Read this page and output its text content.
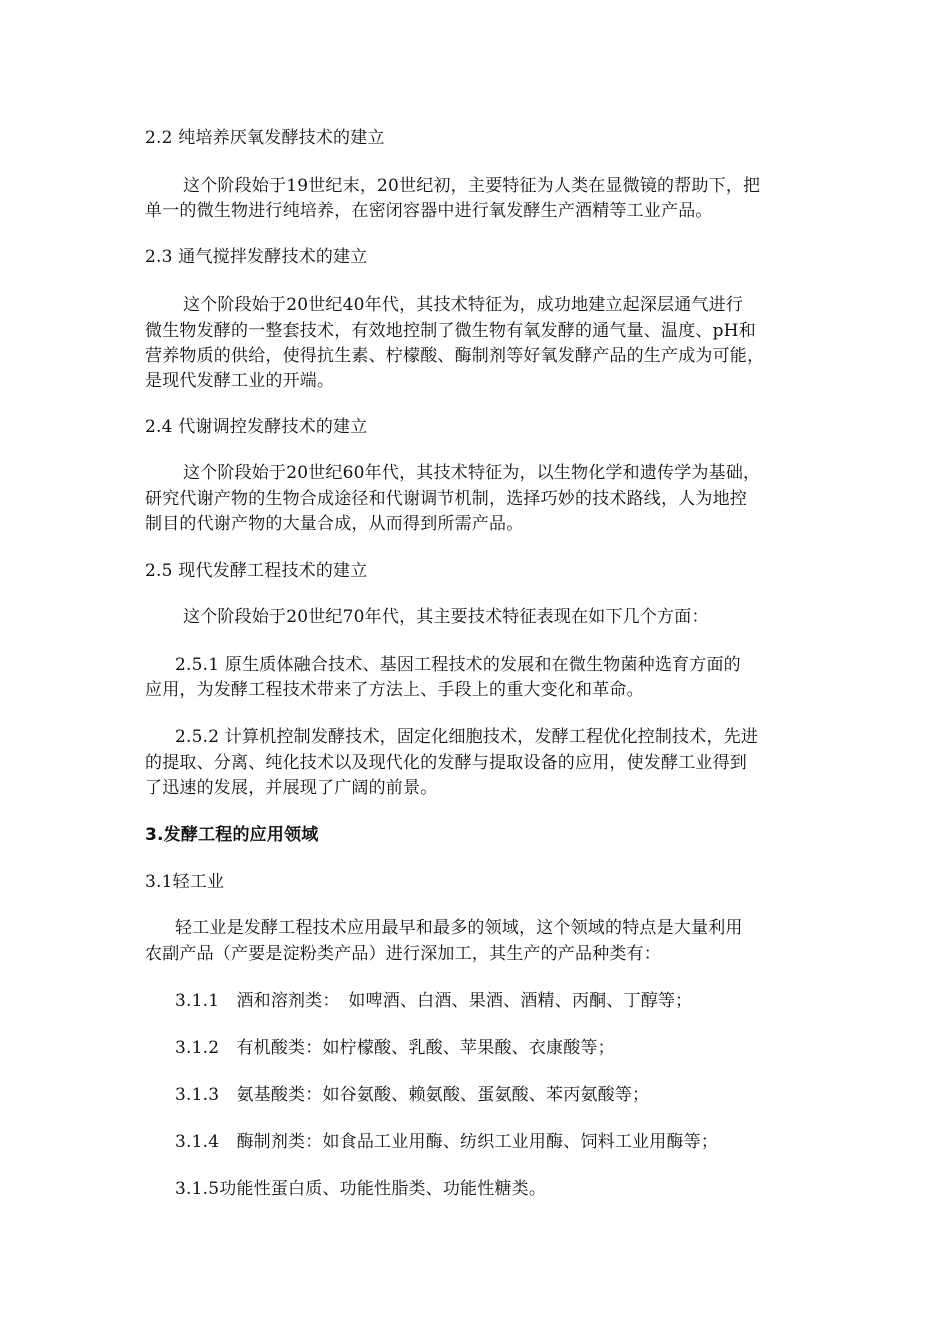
2.2 纯培养厌氧发酵技术的建立
这个阶段始于19世纪末，20世纪初，主要特征为人类在显微镜的帮助下，把
单一的微生物进行纯培养，在密闭容器中进行氧发酵生产酒精等工业产品。
2.3 通气搅拌发酵技术的建立
这个阶段始于20世纪40年代，其技术特征为，成功地建立起深层通气进行
微生物发酵的一整套技术，有效地控制了微生物有氧发酵的通气量、温度、pH和
营养物质的供给，使得抗生素、柠檬酸、酶制剂等好氧发酵产品的生产成为可能，
是现代发酵工业的开端。
2.4 代谢调控发酵技术的建立
这个阶段始于20世纪60年代，其技术特征为，以生物化学和遗传学为基础，
研究代谢产物的生物合成途径和代谢调节机制，选择巧妙的技术路线，人为地控
制目的代谢产物的大量合成，从而得到所需产品。
2.5 现代发酵工程技术的建立
这个阶段始于20世纪70年代，其主要技术特征表现在如下几个方面：
2.5.1 原生质体融合技术、基因工程技术的发展和在微生物菌种选育方面的
应用，为发酵工程技术带来了方法上、手段上的重大变化和革命。
2.5.2 计算机控制发酵技术，固定化细胞技术，发酵工程优化控制技术，先进
的提取、分离、纯化技术以及现代化的发酵与提取设备的应用，使发酵工业得到
了迅速的发展，并展现了广阔的前景。
3.发酵工程的应用领域
3.1轻工业
轻工业是发酵工程技术应用最早和最多的领域，这个领域的特点是大量利用
农副产品（产要是淀粉类产品）进行深加工，其生产的产品种类有：
3.1.1　酒和溶剂类：　如啤酒、白酒、果酒、酒精、丙酮、丁醇等；
3.1.2　有机酸类：如柠檬酸、乳酸、苹果酸、衣康酸等；
3.1.3　氨基酸类：如谷氨酸、赖氨酸、蛋氨酸、苯丙氨酸等；
3.1.4　酶制剂类：如食品工业用酶、纺织工业用酶、饲料工业用酶等；
3.1.5功能性蛋白质、功能性脂类、功能性糖类。
